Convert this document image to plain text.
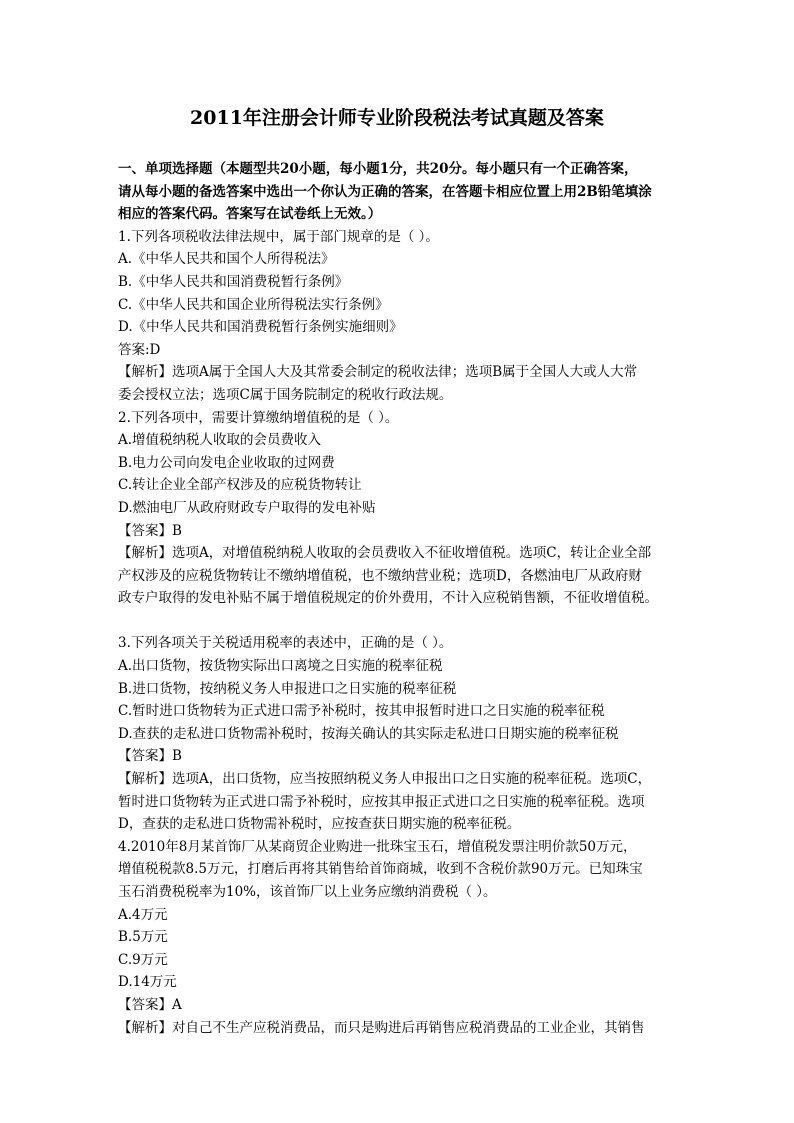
2011年注册会计师专业阶段税法考试真题及答案
一、单项选择题（本题型共20小题，每小题1分，共20分。每小题只有一个正确答案，
请从每小题的备选答案中选出一个你认为正确的答案，在答题卡相应位置上用2B铅笔填涂
相应的答案代码。答案写在试卷纸上无效。）
1.下列各项税收法律法规中，属于部门规章的是（ ）。
A.《中华人民共和国个人所得税法》
B.《中华人民共和国消费税暂行条例》
C.《中华人民共和国企业所得税法实行条例》
D.《中华人民共和国消费税暂行条例实施细则》
答案:D
【解析】选项A属于全国人大及其常委会制定的税收法律；选项B属于全国人大或人大常
委会授权立法；选项C属于国务院制定的税收行政法规。
2.下列各项中，需要计算缴纳增值税的是（ ）。
A.增值税纳税人收取的会员费收入
B.电力公司向发电企业收取的过网费
C.转让企业全部产权涉及的应税货物转让
D.燃油电厂从政府财政专户取得的发电补贴
【答案】B
【解析】选项A，对增值税纳税人收取的会员费收入不征收增值税。选项C，转让企业全部
产权涉及的应税货物转让不缴纳增值税，也不缴纳营业税；选项D，各燃油电厂从政府财
政专户取得的发电补贴不属于增值税规定的价外费用，不计入应税销售额，不征收增值税。
3.下列各项关于关税适用税率的表述中，正确的是（ ）。
A.出口货物，按货物实际出口离境之日实施的税率征税
B.进口货物，按纳税义务人申报进口之日实施的税率征税
C.暂时进口货物转为正式进口需予补税时，按其申报暂时进口之日实施的税率征税
D.查获的走私进口货物需补税时，按海关确认的其实际走私进口日期实施的税率征税
【答案】B
【解析】选项A，出口货物，应当按照纳税义务人申报出口之日实施的税率征税。选项C，
暂时进口货物转为正式进口需予补税时，应按其申报正式进口之日实施的税率征税。选项
D，查获的走私进口货物需补税时，应按查获日期实施的税率征税。
4.2010年8月某首饰厂从某商贸企业购进一批珠宝玉石，增值税发票注明价款50万元，
增值税税款8.5万元，打磨后再将其销售给首饰商城，收到不含税价款90万元。已知珠宝
玉石消费税税率为10%，该首饰厂以上业务应缴纳消费税（ ）。
A.4万元
B.5万元
C.9万元
D.14万元
【答案】A
【解析】对自己不生产应税消费品，而只是购进后再销售应税消费品的工业企业，其销售
